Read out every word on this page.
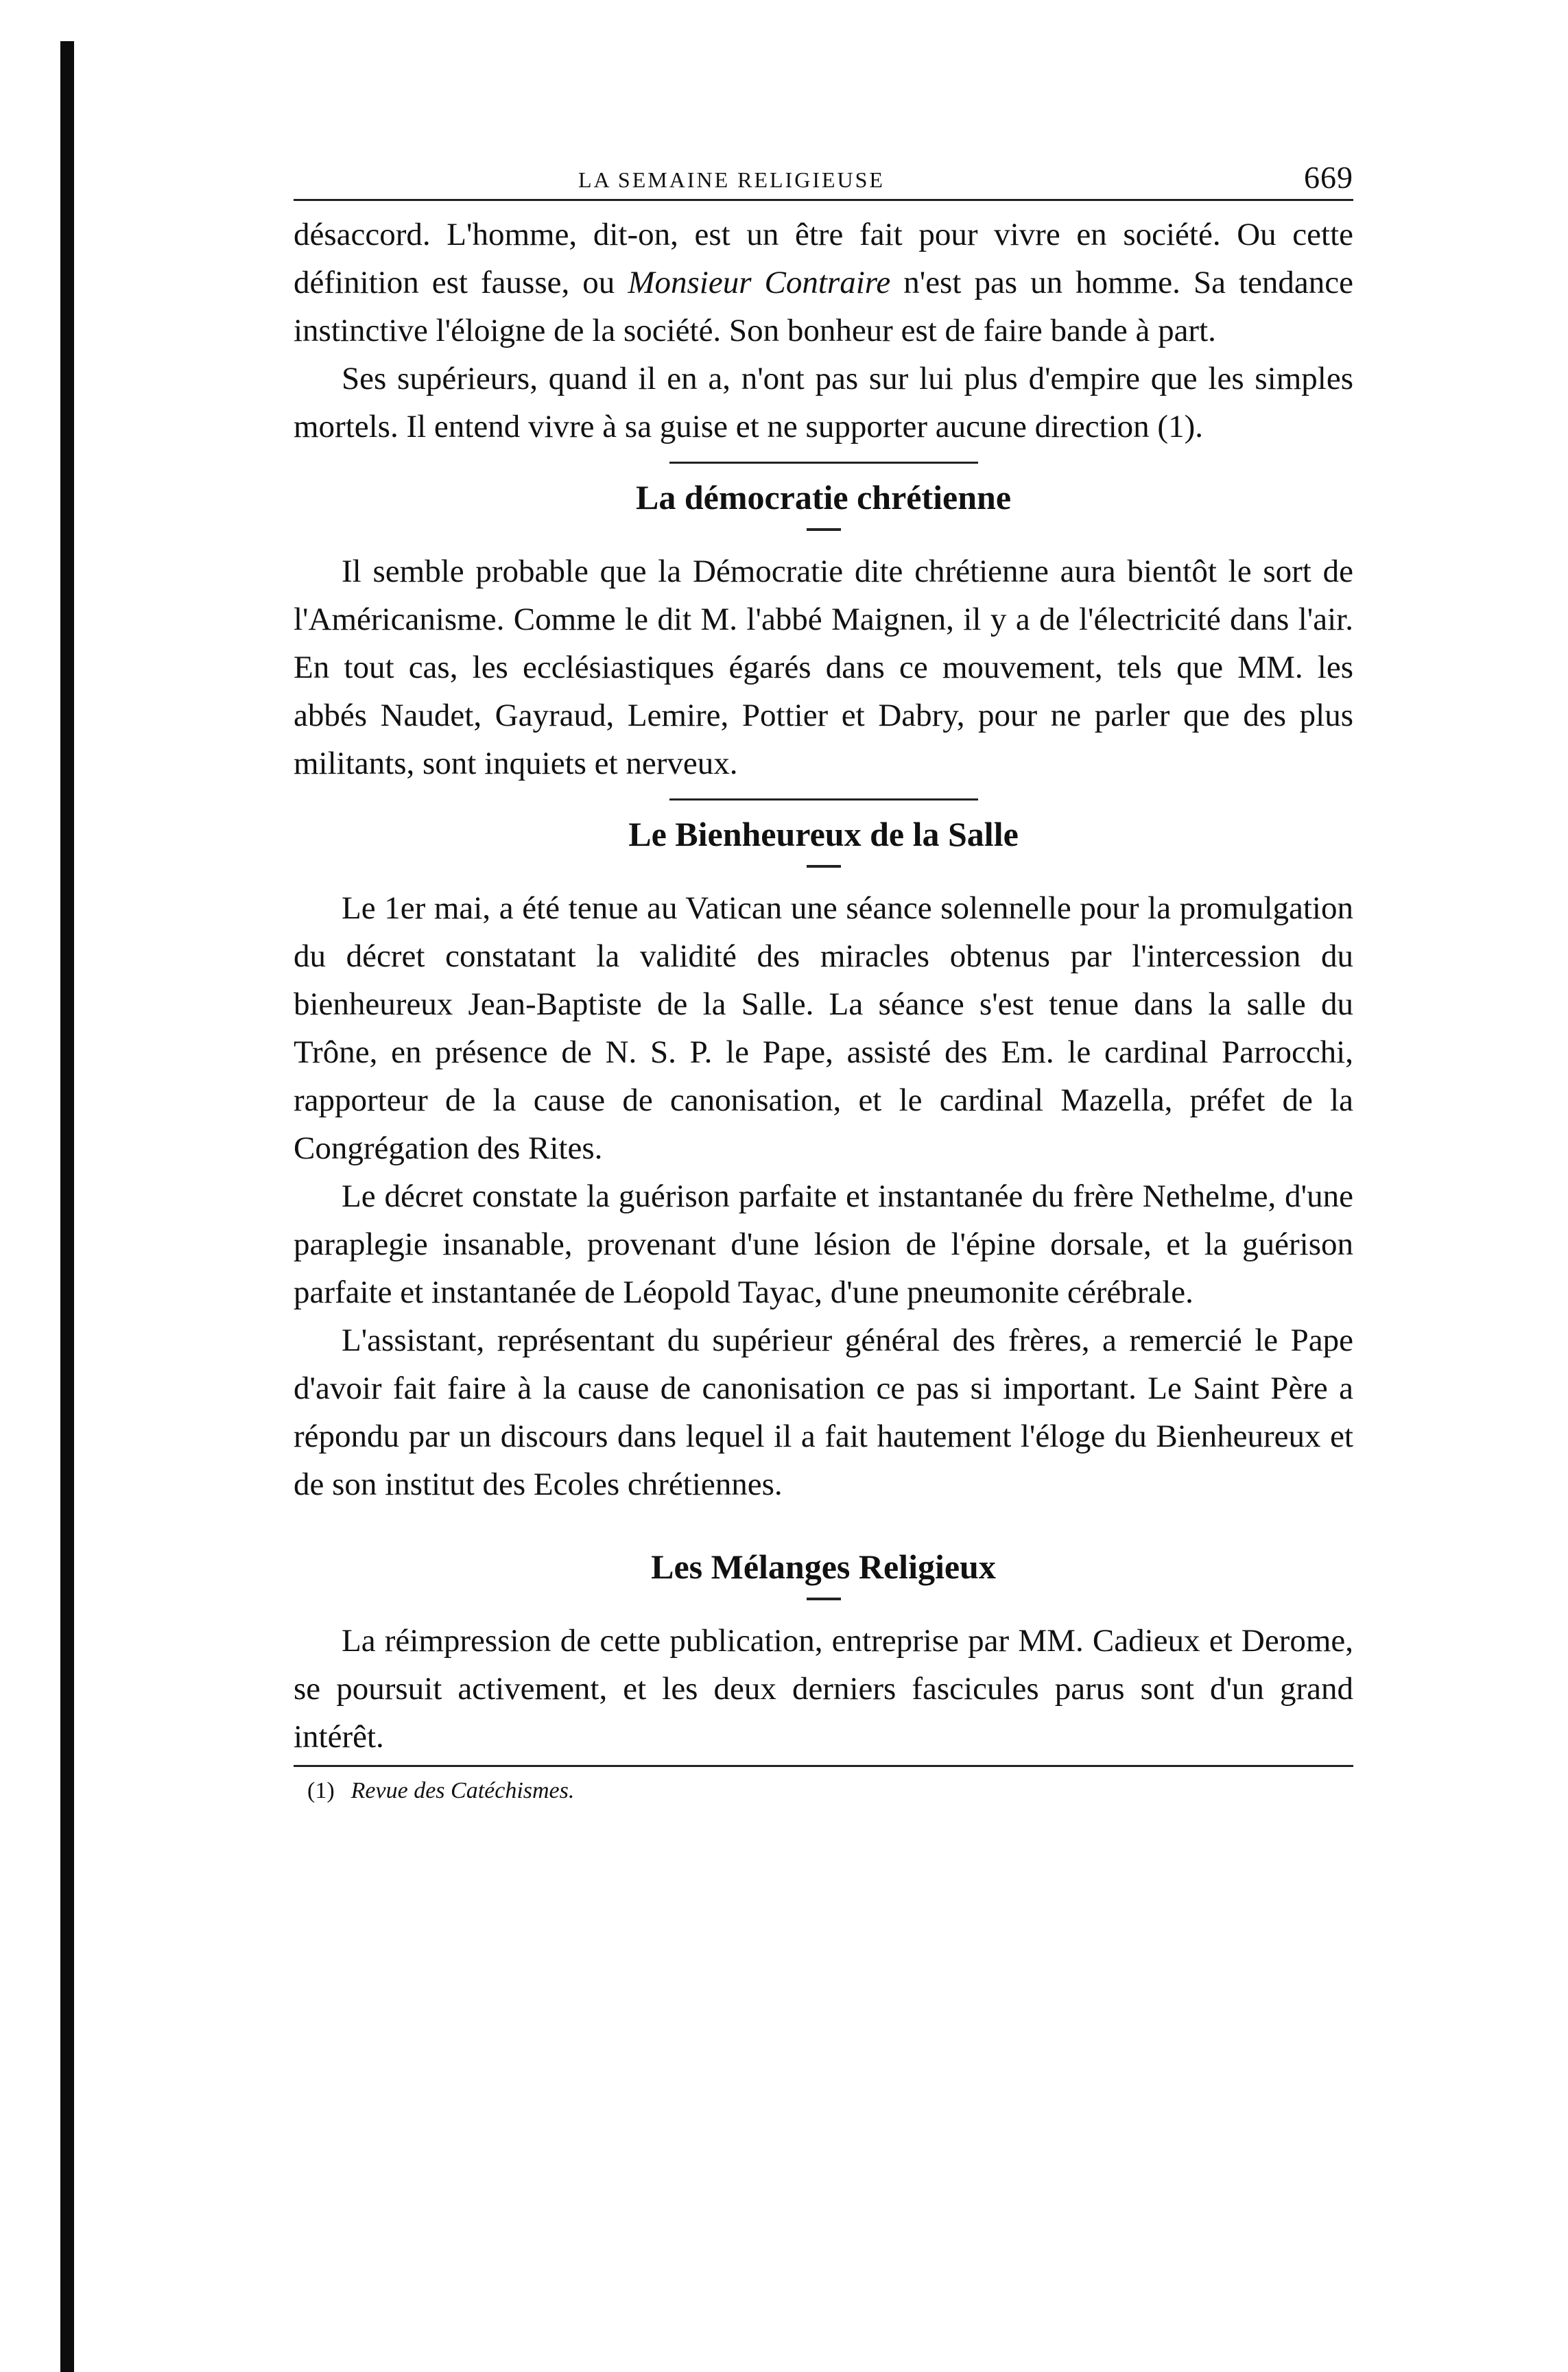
LA SEMAINE RELIGIEUSE	669

désaccord. L'homme, dit-on, est un être fait pour vivre en société. Ou cette définition est fausse, ou Monsieur Contraire n'est pas un homme. Sa tendance instinctive l'éloigne de la société. Son bonheur est de faire bande à part.

Ses supérieurs, quand il en a, n'ont pas sur lui plus d'empire que les simples mortels. Il entend vivre à sa guise et ne supporter aucune direction (1).

La démocratie chrétienne

Il semble probable que la Démocratie dite chrétienne aura bientôt le sort de l'Américanisme. Comme le dit M. l'abbé Maignen, il y a de l'électricité dans l'air. En tout cas, les ecclésiastiques égarés dans ce mouvement, tels que MM. les abbés Naudet, Gayraud, Lemire, Pottier et Dabry, pour ne parler que des plus militants, sont inquiets et nerveux.

Le Bienheureux de la Salle

Le 1er mai, a été tenue au Vatican une séance solennelle pour la promulgation du décret constatant la validité des miracles obtenus par l'intercession du bienheureux Jean-Baptiste de la Salle. La séance s'est tenue dans la salle du Trône, en présence de N. S. P. le Pape, assisté des Em. le cardinal Parrocchi, rapporteur de la cause de canonisation, et le cardinal Mazella, préfet de la Congrégation des Rites.

Le décret constate la guérison parfaite et instantanée du frère Nethelme, d'une paraplegie insanable, provenant d'une lésion de l'épine dorsale, et la guérison parfaite et instantanée de Léopold Tayac, d'une pneumonite cérébrale.

L'assistant, représentant du supérieur général des frères, a remercié le Pape d'avoir fait faire à la cause de canonisation ce pas si important. Le Saint Père a répondu par un discours dans lequel il a fait hautement l'éloge du Bienheureux et de son institut des Ecoles chrétiennes.

Les Mélanges Religieux

La réimpression de cette publication, entreprise par MM. Cadieux et Derome, se poursuit activement, et les deux derniers fascicules parus sont d'un grand intérêt.

(1) Revue des Catéchismes.
